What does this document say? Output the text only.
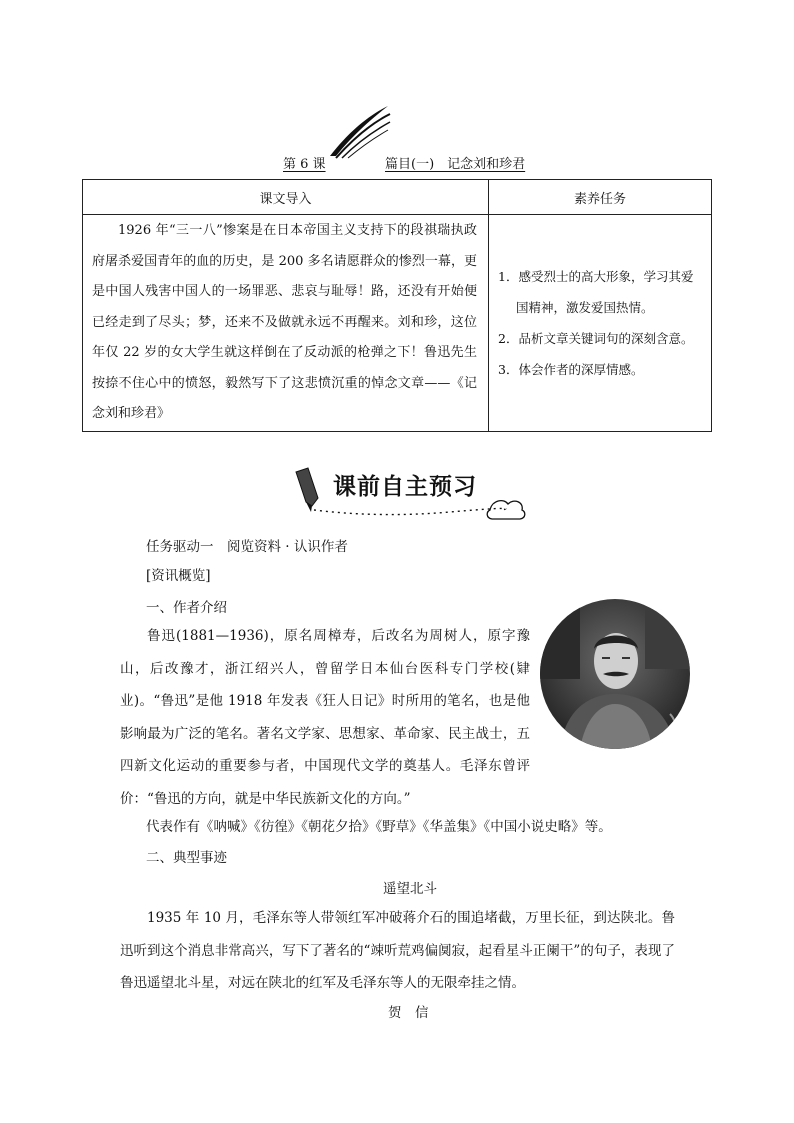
第 6 课	篇目(一)　记念刘和珍君
课文导入	素养任务

1926 年“三一八”惨案是在日本帝国主义支持下的段祺瑞执政府屠杀爱国青年的血的历史，是 200 多名请愿群众的惨烈一幕，更是中国人残害中国人的一场罪恶、悲哀与耻辱！路，还没有开始便已经走到了尽头；梦，还来不及做就永远不再醒来。刘和珍，这位年仅 22 岁的女大学生就这样倒在了反动派的枪弹之下！鲁迅先生按捺不住心中的愤怒，毅然写下了这悲愤沉重的悼念文章——《记念刘和珍君》	1．感受烈士的高大形象，学习其爱国精神，激发爱国热情。
2．品析文章关键词句的深刻含意。
3．体会作者的深厚情感。
课前自主预习
任务驱动一　阅览资料 · 认识作者
[资讯概览]
一、作者介绍
鲁迅(1881—1936)，原名周樟寿，后改名为周树人，原字豫山，后改豫才，浙江绍兴人，曾留学日本仙台医科专门学校(肄业)。“鲁迅”是他 1918 年发表《狂人日记》时所用的笔名，也是他影响最为广泛的笔名。著名文学家、思想家、革命家、民主战士，五四新文化运动的重要参与者，中国现代文学的奠基人。毛泽东曾评价：“鲁迅的方向，就是中华民族新文化的方向。”
代表作有《呐喊》《彷徨》《朝花夕拾》《野草》《华盖集》《中国小说史略》等。
二、典型事迹
遥望北斗
1935 年 10 月，毛泽东等人带领红军冲破蒋介石的围追堵截，万里长征，到达陕北。鲁迅听到这个消息非常高兴，写下了著名的“竦听荒鸡偏阒寂，起看星斗正阑干”的句子，表现了鲁迅遥望北斗星，对远在陕北的红军及毛泽东等人的无限牵挂之情。
贺　信
